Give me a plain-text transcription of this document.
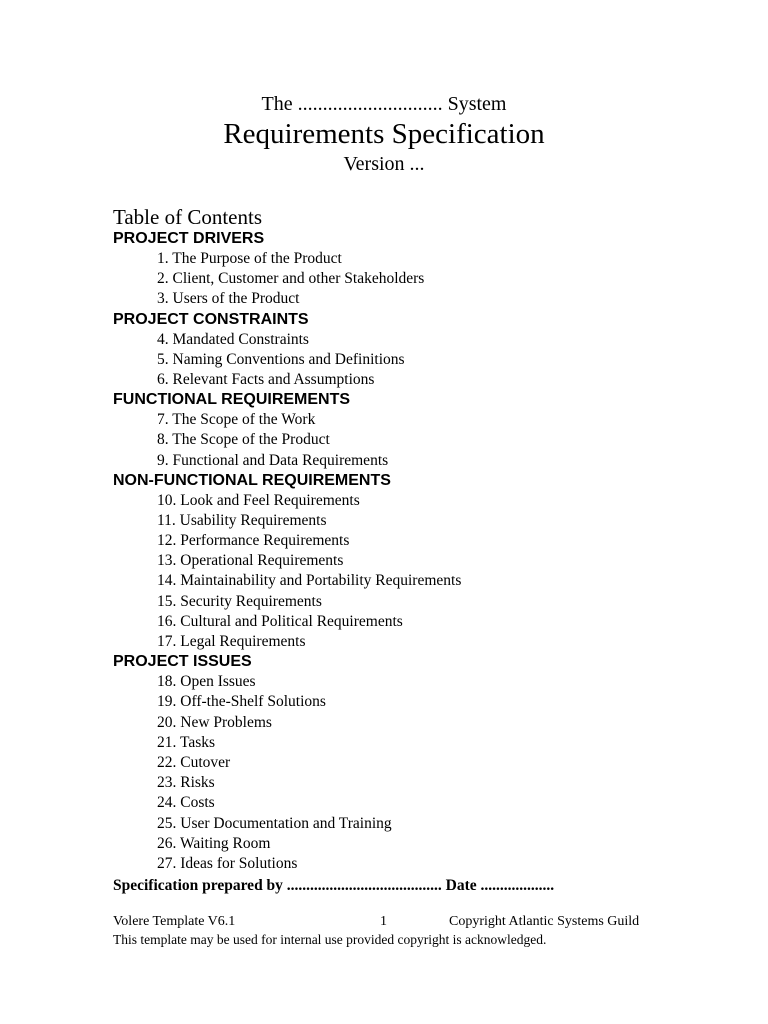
The ............................. System
Requirements Specification
Version ...
Table of Contents
PROJECT DRIVERS
1. The Purpose of the Product
2. Client, Customer and other Stakeholders
3. Users of the Product
PROJECT CONSTRAINTS
4. Mandated Constraints
5. Naming Conventions and Definitions
6. Relevant Facts and Assumptions
FUNCTIONAL REQUIREMENTS
7. The Scope of the Work
8. The Scope of the Product
9. Functional and Data Requirements
NON-FUNCTIONAL REQUIREMENTS
10. Look and Feel Requirements
11. Usability Requirements
12. Performance Requirements
13. Operational Requirements
14. Maintainability and Portability Requirements
15. Security Requirements
16. Cultural and Political Requirements
17. Legal Requirements
PROJECT ISSUES
18. Open Issues
19. Off-the-Shelf Solutions
20. New Problems
21. Tasks
22. Cutover
23. Risks
24. Costs
25. User Documentation and Training
26. Waiting Room
27. Ideas for Solutions
Specification prepared by ........................................ Date ...................
Volere Template V6.1	1	Copyright Atlantic Systems Guild
This template may be used for internal use provided copyright is acknowledged.
